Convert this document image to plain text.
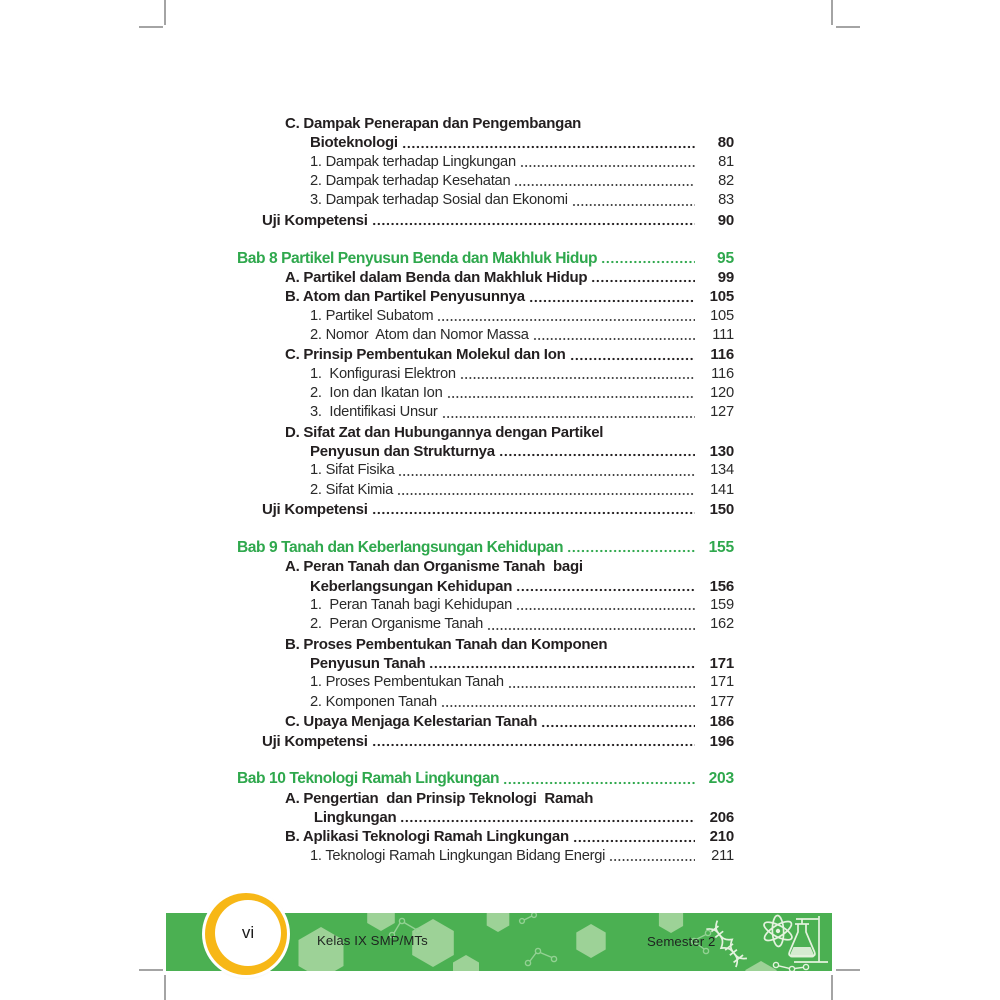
C. Dampak Penerapan dan Pengembangan
Bioteknologi	80
1. Dampak terhadap Lingkungan	81
2. Dampak terhadap Kesehatan	82
3. Dampak terhadap Sosial dan Ekonomi	83
Uji Kompetensi	90
Bab 8 Partikel Penyusun Benda dan Makhluk Hidup	95
A. Partikel dalam Benda dan Makhluk Hidup	99
B. Atom dan Partikel Penyusunnya	105
1. Partikel Subatom	105
2. Nomor  Atom dan Nomor Massa	111
C. Prinsip Pembentukan Molekul dan Ion	116
1.  Konfigurasi Elektron	116
2.  Ion dan Ikatan Ion	120
3.  Identifikasi Unsur	127
D. Sifat Zat dan Hubungannya dengan Partikel
Penyusun dan Strukturnya	130
1. Sifat Fisika	134
2. Sifat Kimia	141
Uji Kompetensi	150
Bab 9 Tanah dan Keberlangsungan Kehidupan	155
A. Peran Tanah dan Organisme Tanah  bagi
Keberlangsungan Kehidupan	156
1.  Peran Tanah bagi Kehidupan	159
2.  Peran Organisme Tanah	162
B. Proses Pembentukan Tanah dan Komponen
Penyusun Tanah	171
1. Proses Pembentukan Tanah	171
2. Komponen Tanah	177
C. Upaya Menjaga Kelestarian Tanah	186
Uji Kompetensi	196
Bab 10 Teknologi Ramah Lingkungan	203
A. Pengertian  dan Prinsip Teknologi  Ramah
Lingkungan	206
B. Aplikasi Teknologi Ramah Lingkungan	210
1. Teknologi Ramah Lingkungan Bidang Energi	211
Kelas IX SMP/MTs	Semester 2
vi
